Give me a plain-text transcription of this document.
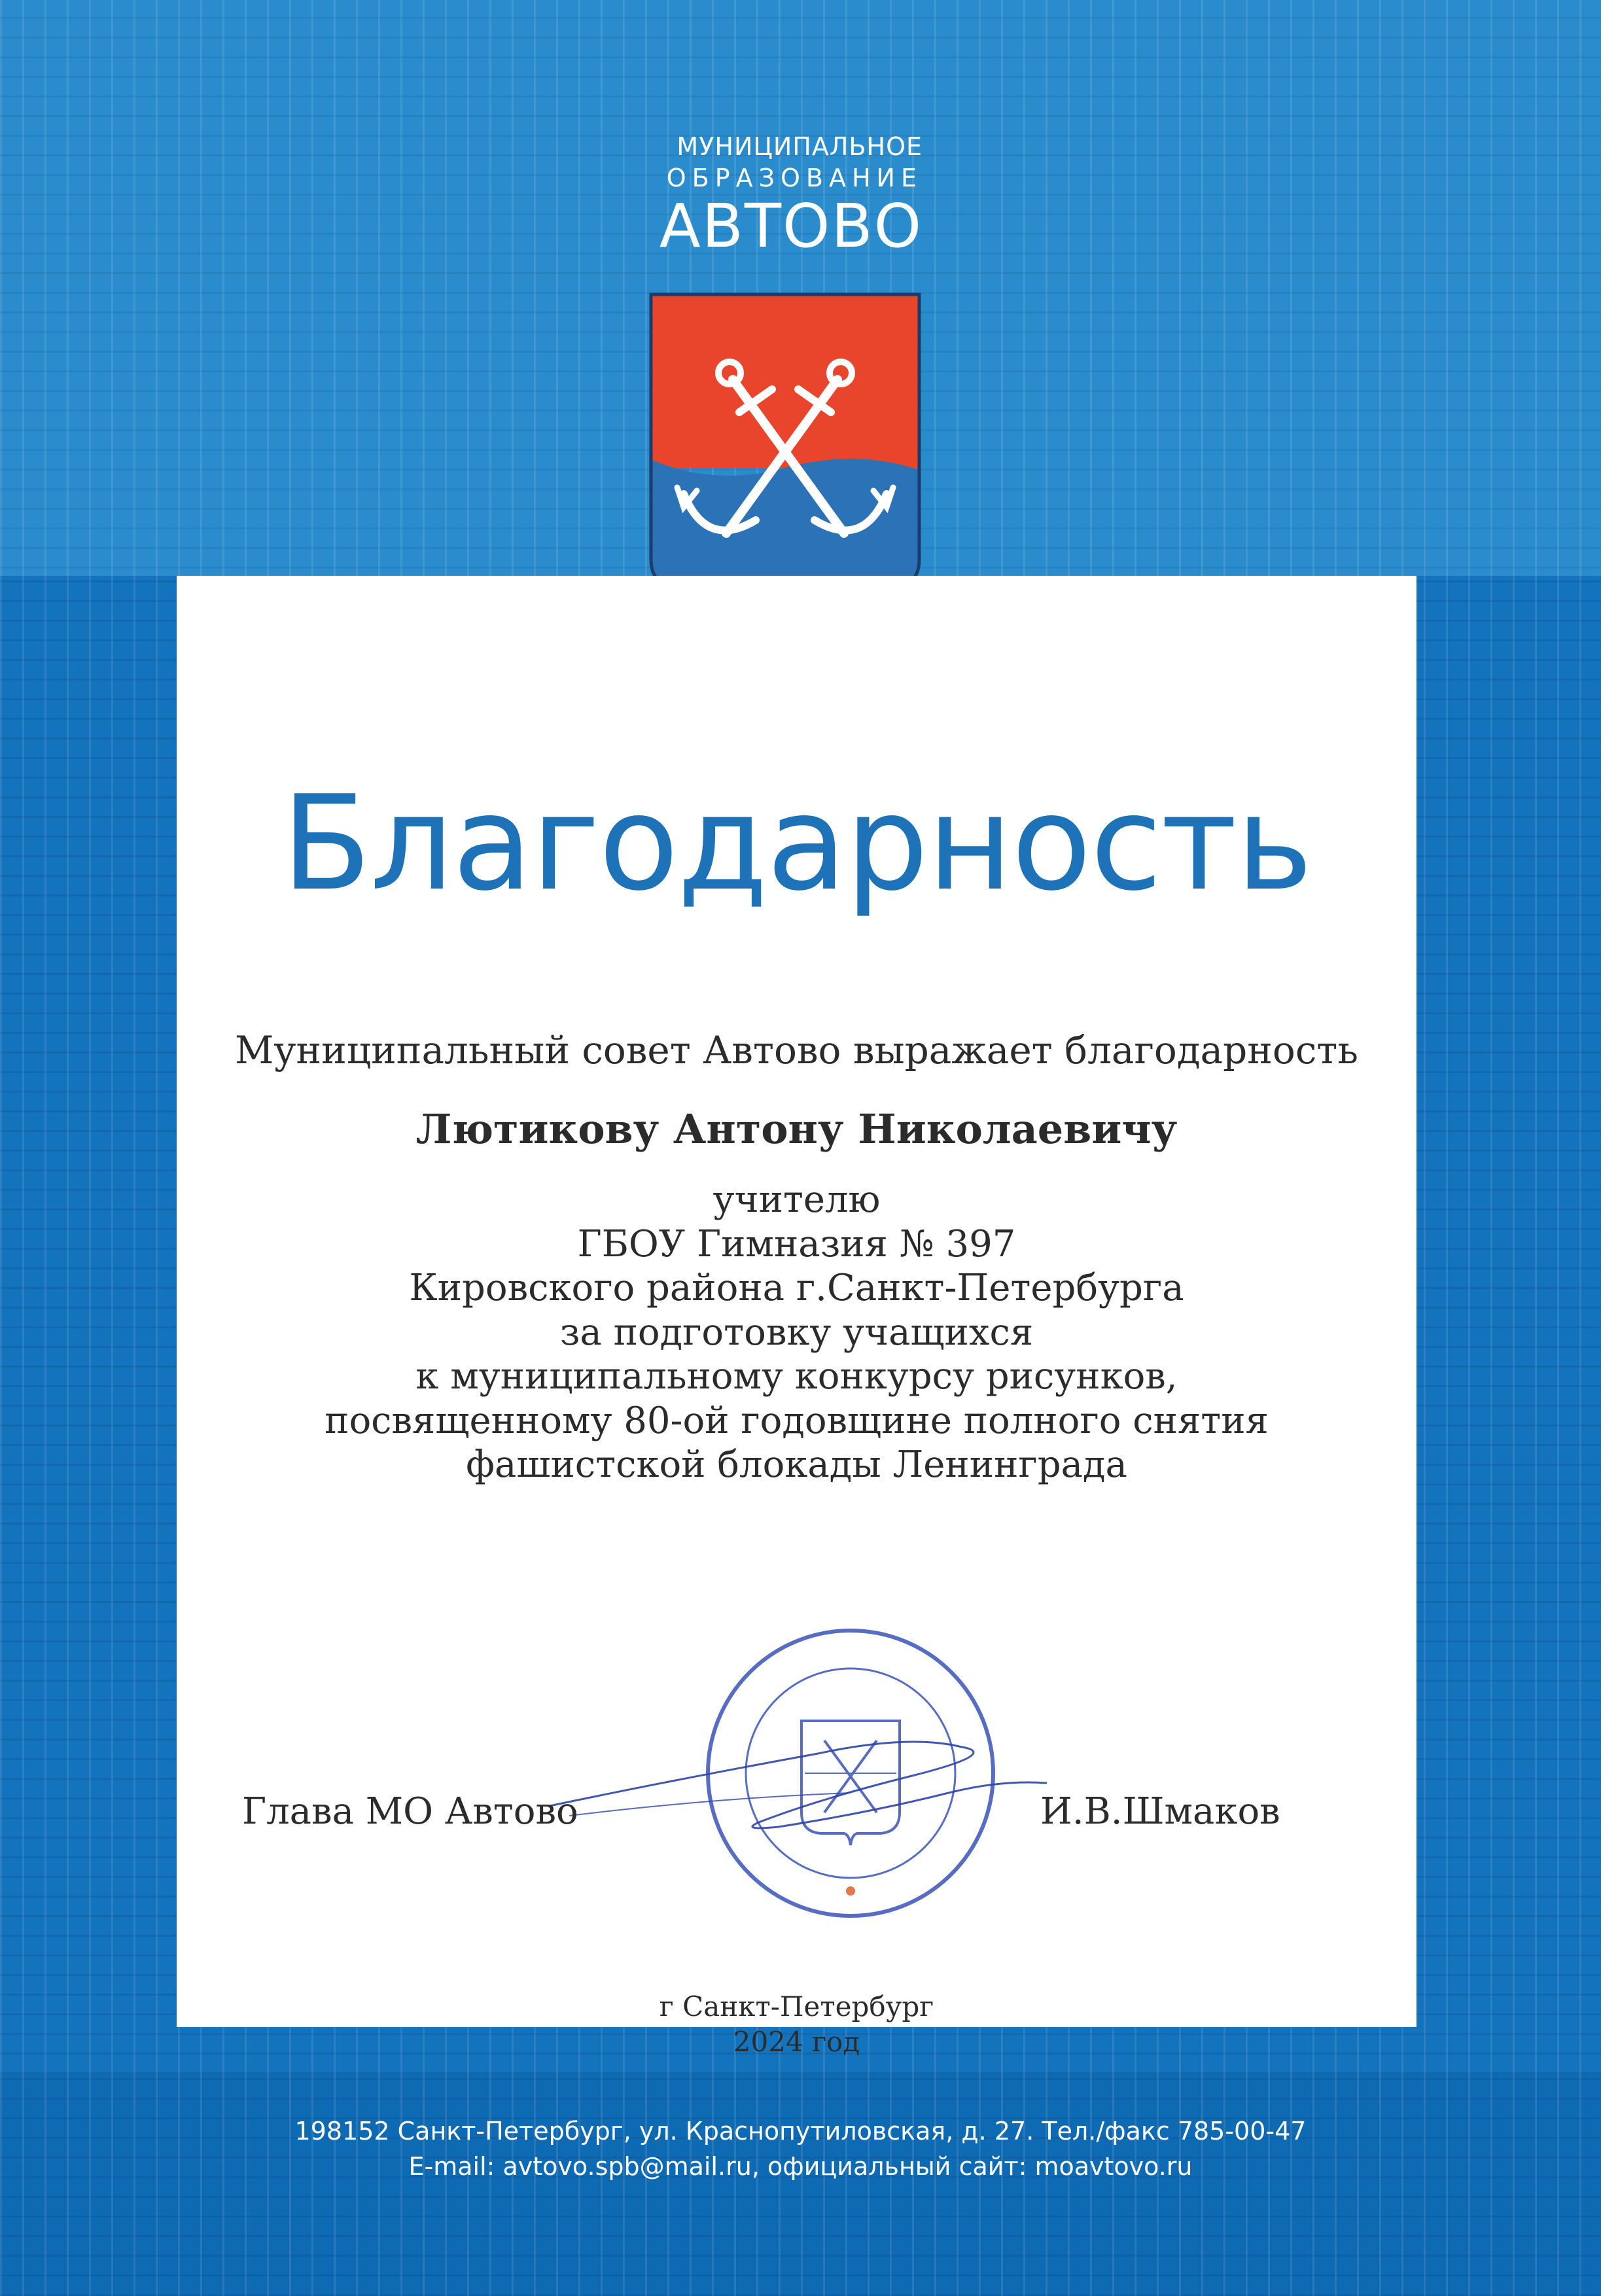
МУНИЦИПАЛЬНОЕ
ОБРАЗОВАНИЕ
АВТОВО
Благодарность
Муниципальный совет Автово выражает благодарность
Лютикову Антону Николаевичу
учителю
ГБОУ Гимназия № 397
Кировского района г.Санкт-Петербурга
за подготовку учащихся
к муниципальному конкурсу рисунков,
посвященному 80-ой годовщине полного снятия
фашистской блокады Ленинграда
Глава МО Автово	И.В.Шмаков
г Санкт-Петербург
2024 год
198152 Санкт-Петербург, ул. Краснопутиловская, д. 27. Тел./факс 785-00-47
E-mail: avtovo.spb@mail.ru, официальный сайт: moavtovo.ru
